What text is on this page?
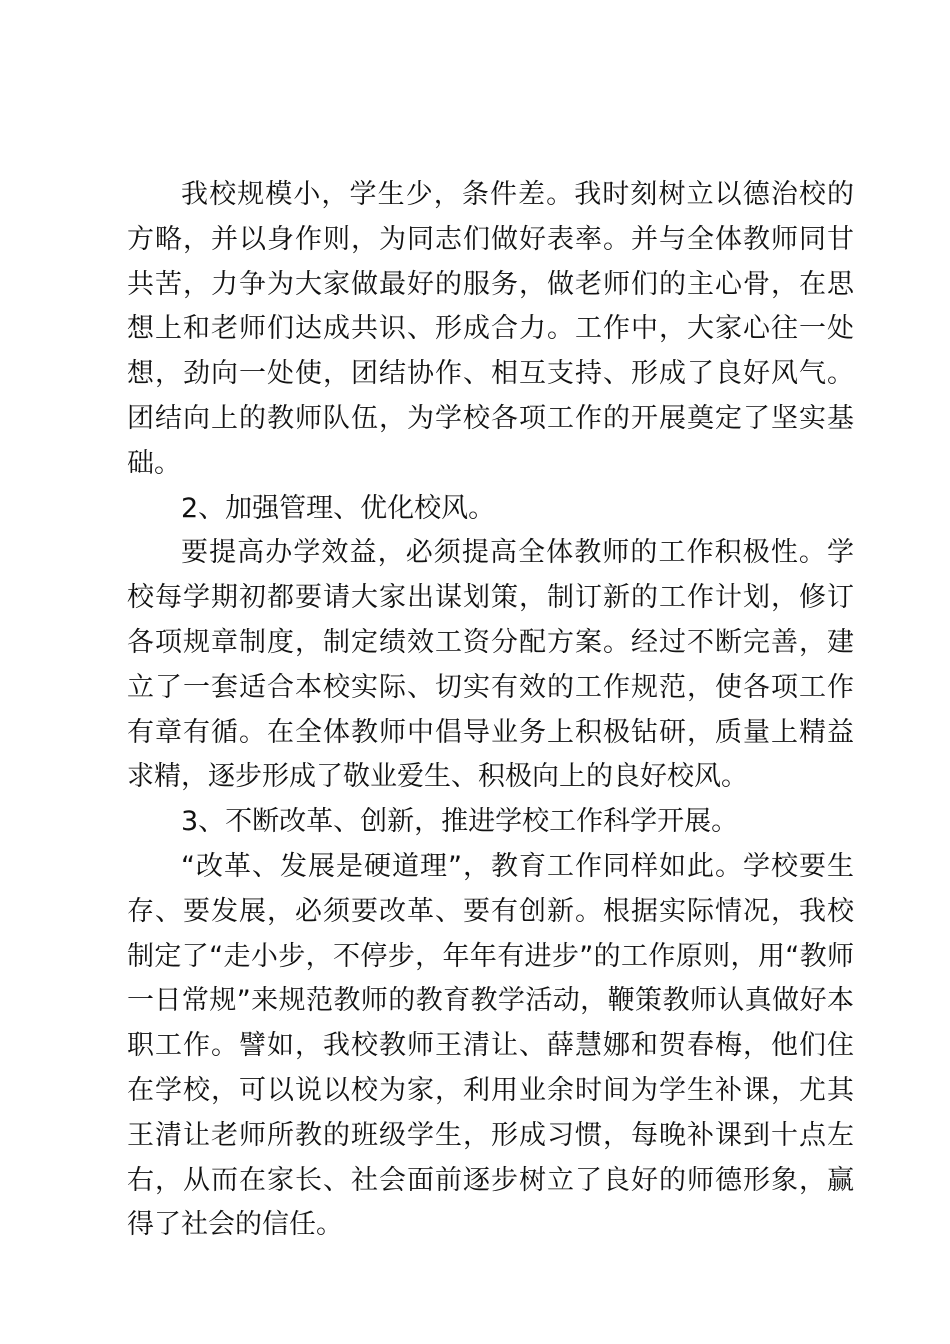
我校规模小，学生少，条件差。我时刻树立以德治校的方略，并以身作则，为同志们做好表率。并与全体教师同甘共苦，力争为大家做最好的服务，做老师们的主心骨，在思想上和老师们达成共识、形成合力。工作中，大家心往一处想，劲向一处使，团结协作、相互支持、形成了良好风气。团结向上的教师队伍，为学校各项工作的开展奠定了坚实基础。

2、加强管理、优化校风。

要提高办学效益，必须提高全体教师的工作积极性。学校每学期初都要请大家出谋划策，制订新的工作计划，修订各项规章制度，制定绩效工资分配方案。经过不断完善，建立了一套适合本校实际、切实有效的工作规范，使各项工作有章有循。在全体教师中倡导业务上积极钻研，质量上精益求精，逐步形成了敬业爱生、积极向上的良好校风。

3、不断改革、创新，推进学校工作科学开展。

“改革、发展是硬道理”，教育工作同样如此。学校要生存、要发展，必须要改革、要有创新。根据实际情况，我校制定了“走小步，不停步，年年有进步”的工作原则，用“教师一日常规”来规范教师的教育教学活动，鞭策教师认真做好本职工作。譬如，我校教师王清让、薛慧娜和贺春梅，他们住在学校，可以说以校为家，利用业余时间为学生补课，尤其王清让老师所教的班级学生，形成习惯，每晚补课到十点左右，从而在家长、社会面前逐步树立了良好的师德形象，赢得了社会的信任。
